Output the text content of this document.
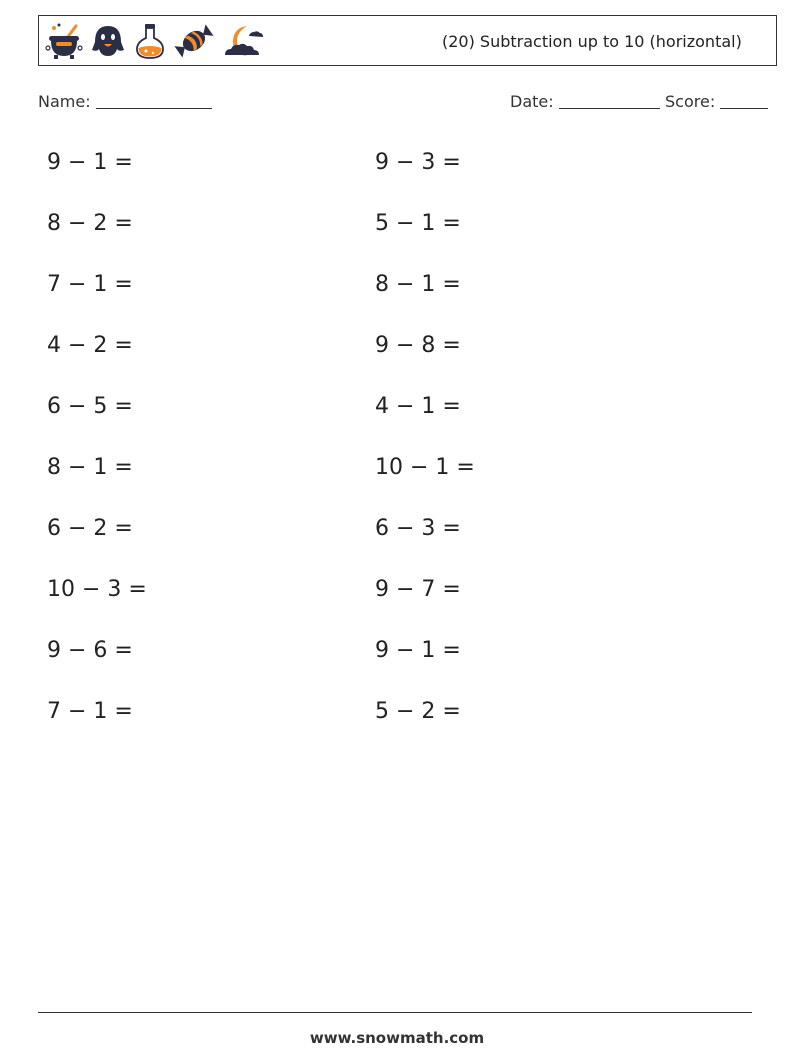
(20) Subtraction up to 10 (horizontal)
Name:	Date:	Score:
9 − 1 =
8 − 2 =
7 − 1 =
4 − 2 =
6 − 5 =
8 − 1 =
6 − 2 =
10 − 3 =
9 − 6 =
7 − 1 =
9 − 3 =
5 − 1 =
8 − 1 =
9 − 8 =
4 − 1 =
10 − 1 =
6 − 3 =
9 − 7 =
9 − 1 =
5 − 2 =
www.snowmath.com
